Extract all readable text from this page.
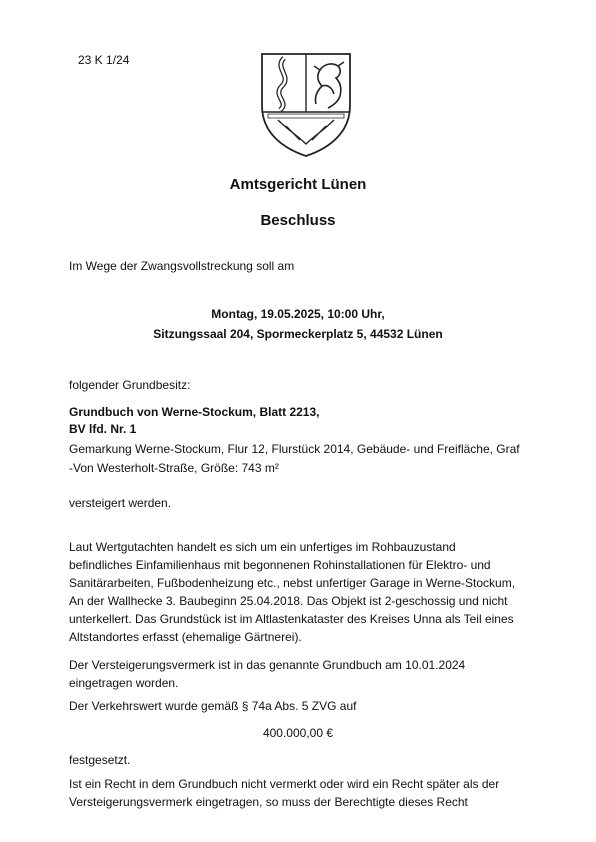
23 K 1/24
Amtsgericht Lünen
Beschluss
Im Wege der Zwangsvollstreckung soll am
Montag, 19.05.2025, 10:00 Uhr,
Sitzungssaal 204, Spormeckerplatz 5, 44532 Lünen
folgender Grundbesitz:
Grundbuch von Werne-Stockum, Blatt 2213,
BV lfd. Nr. 1
Gemarkung Werne-Stockum, Flur 12, Flurstück 2014, Gebäude- und Freifläche, Graf
-Von Westerholt-Straße, Größe: 743 m²
versteigert werden.
Laut Wertgutachten handelt es sich um ein unfertiges im Rohbauzustand
befindliches Einfamilienhaus mit begonnenen Rohinstallationen für Elektro- und
Sanitärarbeiten, Fußbodenheizung etc., nebst unfertiger Garage in Werne-Stockum,
An der Wallhecke 3. Baubeginn 25.04.2018. Das Objekt ist 2-geschossig und nicht
unterkellert. Das Grundstück ist im Altlastenkataster des Kreises Unna als Teil eines
Altstandortes erfasst (ehemalige Gärtnerei).
Der Versteigerungsvermerk ist in das genannte Grundbuch am 10.01.2024
eingetragen worden.
Der Verkehrswert wurde gemäß § 74a Abs. 5 ZVG auf
400.000,00 €
festgesetzt.
Ist ein Recht in dem Grundbuch nicht vermerkt oder wird ein Recht später als der
Versteigerungsvermerk eingetragen, so muss der Berechtigte dieses Recht
